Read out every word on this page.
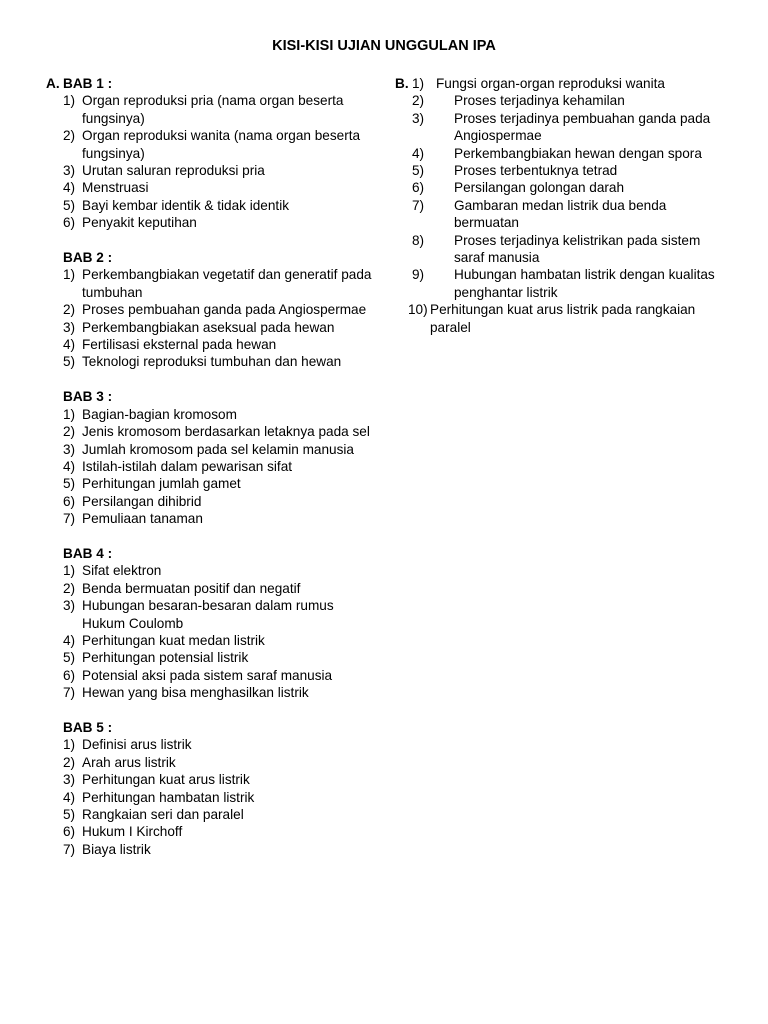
KISI-KISI UJIAN UNGGULAN IPA
A. BAB 1 :
1) Organ reproduksi pria (nama organ beserta fungsinya)
2) Organ reproduksi wanita (nama organ beserta fungsinya)
3) Urutan saluran reproduksi pria
4) Menstruasi
5) Bayi kembar identik & tidak identik
6) Penyakit keputihan
BAB 2 :
1) Perkembangbiakan vegetatif dan generatif pada tumbuhan
2) Proses pembuahan ganda pada Angiospermae
3) Perkembangbiakan aseksual pada hewan
4) Fertilisasi eksternal pada hewan
5) Teknologi reproduksi tumbuhan dan hewan
BAB 3 :
1) Bagian-bagian kromosom
2) Jenis kromosom berdasarkan letaknya pada sel
3) Jumlah kromosom pada sel kelamin manusia
4) Istilah-istilah dalam pewarisan sifat
5) Perhitungan jumlah gamet
6) Persilangan dihibrid
7) Pemuliaan tanaman
BAB 4 :
1) Sifat elektron
2) Benda bermuatan positif dan negatif
3) Hubungan besaran-besaran dalam rumus Hukum Coulomb
4) Perhitungan kuat medan listrik
5) Perhitungan potensial listrik
6) Potensial aksi pada sistem saraf manusia
7) Hewan yang bisa menghasilkan listrik
BAB 5 :
1) Definisi arus listrik
2) Arah arus listrik
3) Perhitungan kuat arus listrik
4) Perhitungan hambatan listrik
5) Rangkaian seri dan paralel
6) Hukum I Kirchoff
7) Biaya listrik
B. 1) Fungsi organ-organ reproduksi wanita
2)	Proses terjadinya kehamilan
3)	Proses terjadinya pembuahan ganda pada Angiospermae
4)	Perkembangbiakan hewan dengan spora
5)	Proses terbentuknya tetrad
6)	Persilangan golongan darah
7)	Gambaran medan listrik dua benda bermuatan
8)	Proses terjadinya kelistrikan pada sistem saraf manusia
9)	Hubungan hambatan listrik dengan kualitas penghantar listrik
10) Perhitungan kuat arus listrik pada rangkaian paralel
